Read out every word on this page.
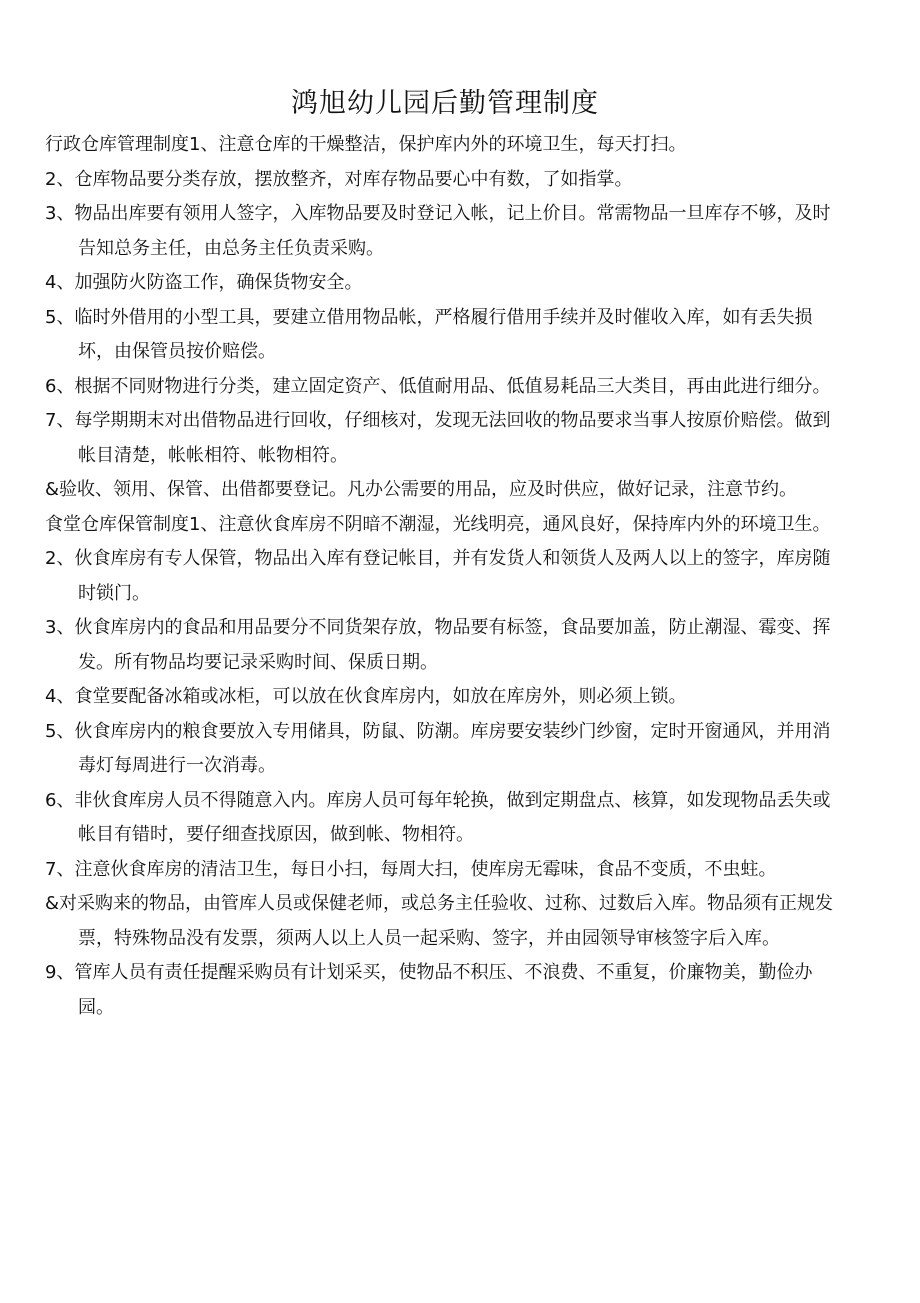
鸿旭幼儿园后勤管理制度

行政仓库管理制度1、注意仓库的干燥整洁，保护库内外的环境卫生，每天打扫。

2、仓库物品要分类存放，摆放整齐，对库存物品要心中有数，了如指掌。

3、物品出库要有领用人签字，入库物品要及时登记入帐，记上价目。常需物品一旦库存不够，及时告知总务主任，由总务主任负责采购。

4、加强防火防盗工作，确保货物安全。

5、临时外借用的小型工具，要建立借用物品帐，严格履行借用手续并及时催收入库，如有丢失损坏，由保管员按价赔偿。

6、根据不同财物进行分类，建立固定资产、低值耐用品、低值易耗品三大类目，再由此进行细分。

7、每学期期末对出借物品进行回收，仔细核对，发现无法回收的物品要求当事人按原价赔偿。做到帐目清楚，帐帐相符、帐物相符。

&验收、领用、保管、出借都要登记。凡办公需要的用品，应及时供应，做好记录，注意节约。

食堂仓库保管制度1、注意伙食库房不阴暗不潮湿，光线明亮，通风良好，保持库内外的环境卫生。

2、伙食库房有专人保管，物品出入库有登记帐目，并有发货人和领货人及两人以上的签字，库房随时锁门。

3、伙食库房内的食品和用品要分不同货架存放，物品要有标签，食品要加盖，防止潮湿、霉变、挥发。所有物品均要记录采购时间、保质日期。

4、食堂要配备冰箱或冰柜，可以放在伙食库房内，如放在库房外，则必须上锁。

5、伙食库房内的粮食要放入专用储具，防鼠、防潮。库房要安装纱门纱窗，定时开窗通风，并用消毒灯每周进行一次消毒。

6、非伙食库房人员不得随意入内。库房人员可每年轮换，做到定期盘点、核算，如发现物品丢失或帐目有错时，要仔细查找原因，做到帐、物相符。

7、注意伙食库房的清洁卫生，每日小扫，每周大扫，使库房无霉味，食品不变质，不虫蛀。

&对采购来的物品，由管库人员或保健老师，或总务主任验收、过称、过数后入库。物品须有正规发票，特殊物品没有发票，须两人以上人员一起采购、签字，并由园领导审核签字后入库。

9、管库人员有责任提醒采购员有计划采买，使物品不积压、不浪费、不重复，价廉物美，勤俭办园。
